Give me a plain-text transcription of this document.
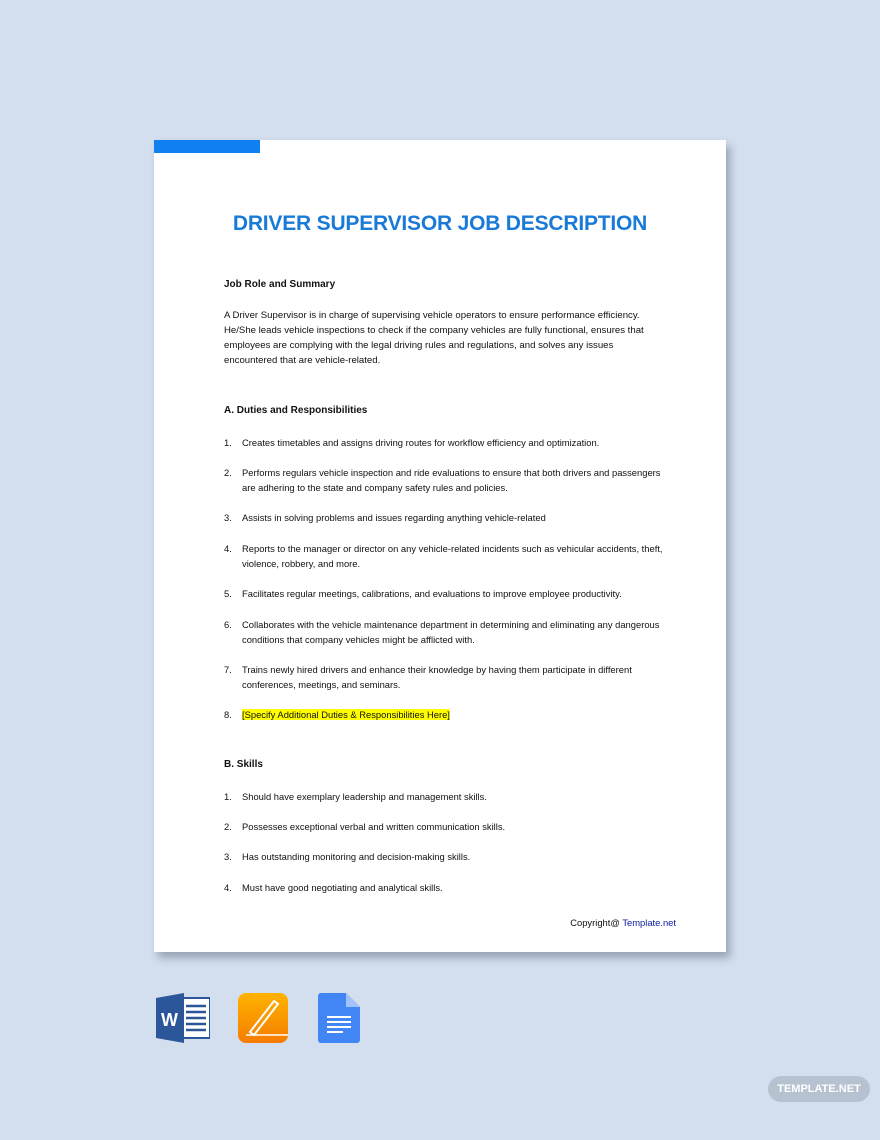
DRIVER SUPERVISOR JOB DESCRIPTION
Job Role and Summary
A Driver Supervisor is in charge of supervising vehicle operators to ensure performance efficiency.
He/She leads vehicle inspections to check if the company vehicles are fully functional, ensures that
employees are complying with the legal driving rules and regulations, and solves any issues
encountered that are vehicle-related.
A. Duties and Responsibilities
1. Creates timetables and assigns driving routes for workflow efficiency and optimization.
2. Performs regulars vehicle inspection and ride evaluations to ensure that both drivers and passengers are adhering to the state and company safety rules and policies.
3. Assists in solving problems and issues regarding anything vehicle-related
4. Reports to the manager or director on any vehicle-related incidents such as vehicular accidents, theft, violence, robbery, and more.
5. Facilitates regular meetings, calibrations, and evaluations to improve employee productivity.
6. Collaborates with the vehicle maintenance department in determining and eliminating any dangerous conditions that company vehicles might be afflicted with.
7. Trains newly hired drivers and enhance their knowledge by having them participate in different conferences, meetings, and seminars.
8. [Specify Additional Duties & Responsibilities Here]
B. Skills
1. Should have exemplary leadership and management skills.
2. Possesses exceptional verbal and written communication skills.
3. Has outstanding monitoring and decision-making skills.
4. Must have good negotiating and analytical skills.
Copyright@ Template.net
W
TEMPLATE.NET
